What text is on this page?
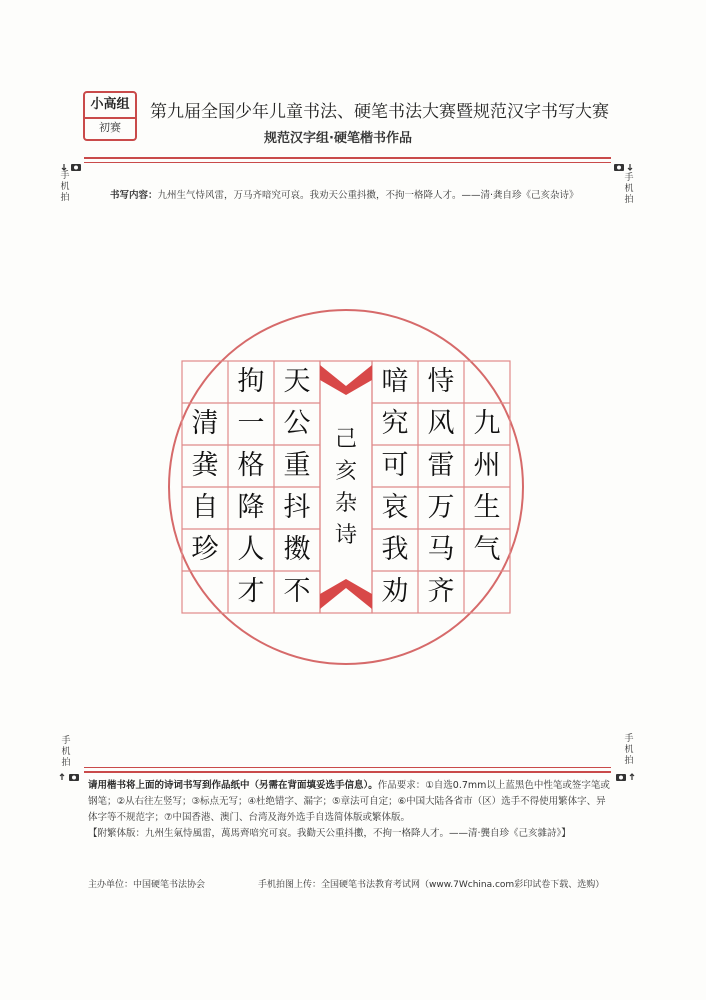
小高组
初赛
第九届全国少年儿童书法、硬笔书法大赛暨规范汉字书写大赛
规范汉字组·硬笔楷书作品
手
机
拍
手
机
拍
书写内容：九州生气恃风雷，万马齐喑究可哀。我劝天公重抖擞，不拘一格降人才。——清·龚自珍《己亥杂诗》
恃
风
雷
万
马
齐
喑
究
可
哀
我
劝
九
州
生
气
天
公
重
抖
擞
不
拘
一
格
降
人
才
清
龚
自
珍
己
亥
杂
诗
手
机
拍
手
机
拍
请用楷书将上面的诗词书写到作品纸中（另需在背面填妥选手信息）。作品要求：①自选0.7mm以上蓝黑色中性笔或签字笔或钢笔；②从右往左竖写；③标点无写；④杜绝错字、漏字；⑤章法可自定；⑥中国大陆各省市（区）选手不得使用繁体字、异体字等不规范字；⑦中国香港、澳门、台湾及海外选手自选简体版或繁体版。
【附繁体版：九州生氣恃風雷，萬馬齊喑究可哀。我勸天公重抖擻，不拘一格降人才。——清·龔自珍《己亥雜詩》】
主办单位：中国硬笔书法协会	手机拍图上传：全国硬笔书法教育考试网（www.7Wchina.com彩印试卷下载、选购）
